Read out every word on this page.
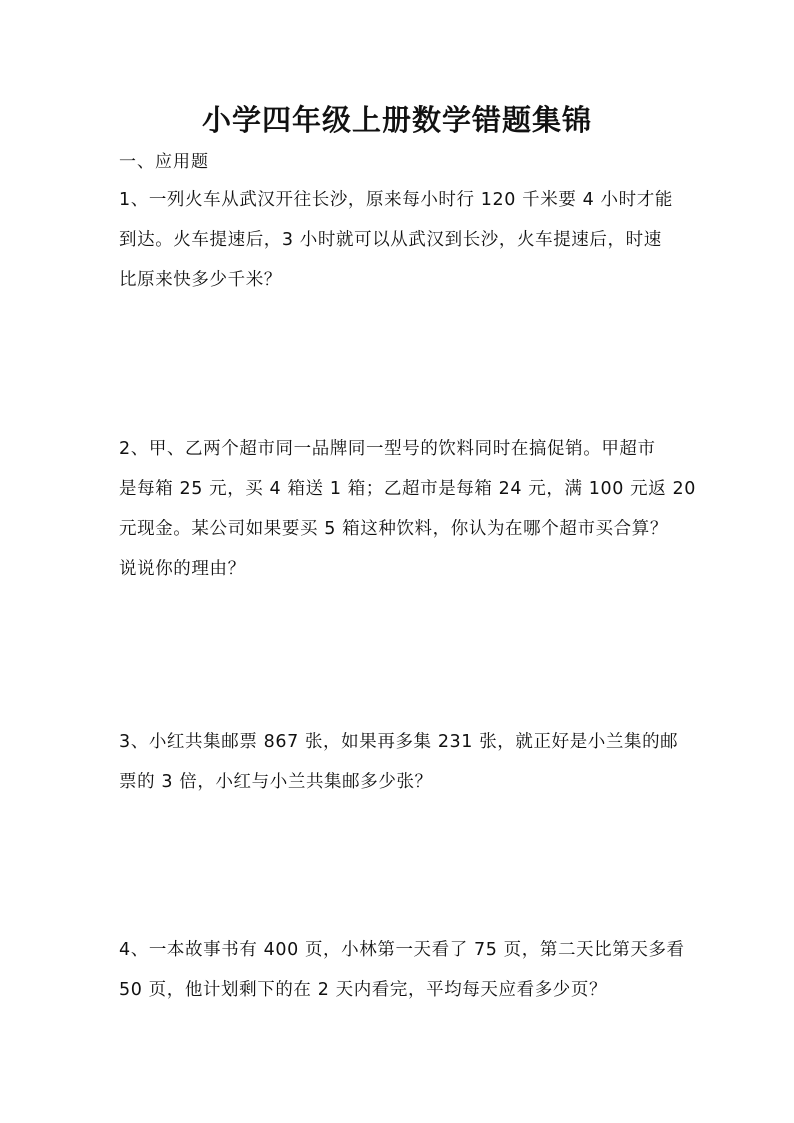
小学四年级上册数学错题集锦
一、应用题
1、一列火车从武汉开往长沙，原来每小时行 120 千米要 4 小时才能
到达。火车提速后，3 小时就可以从武汉到长沙，火车提速后，时速
比原来快多少千米？
2、甲、乙两个超市同一品牌同一型号的饮料同时在搞促销。甲超市
是每箱 25 元，买 4 箱送 1 箱；乙超市是每箱 24 元，满 100 元返 20
元现金。某公司如果要买 5 箱这种饮料，你认为在哪个超市买合算？
说说你的理由？
3、小红共集邮票 867 张，如果再多集 231 张，就正好是小兰集的邮
票的 3 倍，小红与小兰共集邮多少张？
4、一本故事书有 400 页，小林第一天看了 75 页，第二天比第天多看
50 页，他计划剩下的在 2 天内看完，平均每天应看多少页？
